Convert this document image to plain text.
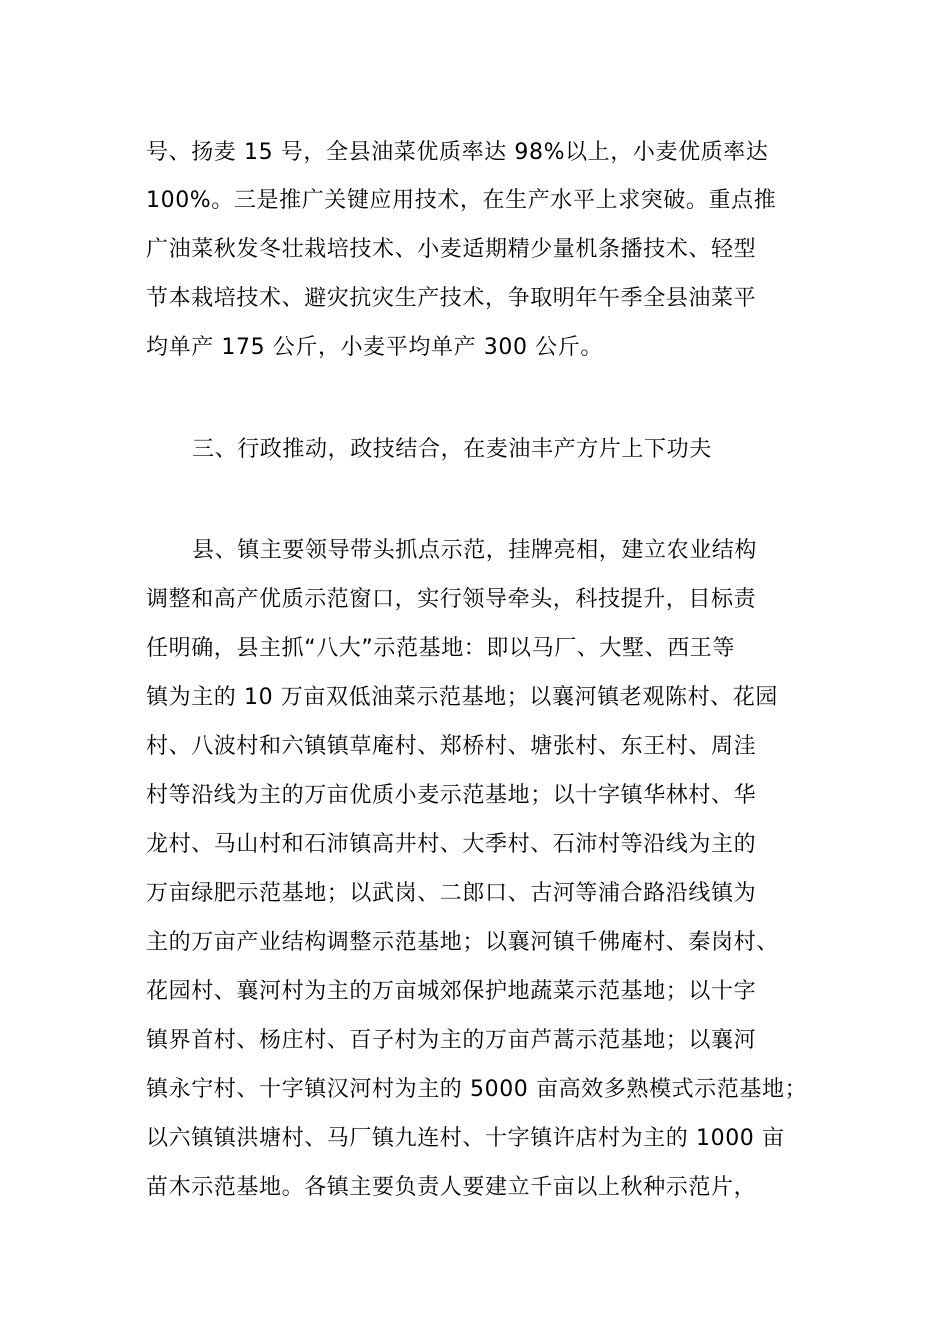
号、扬麦 15 号，全县油菜优质率达 98%以上，小麦优质率达
100%。三是推广关键应用技术，在生产水平上求突破。重点推
广油菜秋发冬壮栽培技术、小麦适期精少量机条播技术、轻型
节本栽培技术、避灾抗灾生产技术，争取明年午季全县油菜平
均单产 175 公斤，小麦平均单产 300 公斤。
三、行政推动，政技结合，在麦油丰产方片上下功夫
县、镇主要领导带头抓点示范，挂牌亮相，建立农业结构
调整和高产优质示范窗口，实行领导牵头，科技提升，目标责
任明确，县主抓“八大”示范基地：即以马厂、大墅、西王等
镇为主的 10 万亩双低油菜示范基地；以襄河镇老观陈村、花园
村、八波村和六镇镇草庵村、郑桥村、塘张村、东王村、周洼
村等沿线为主的万亩优质小麦示范基地；以十字镇华林村、华
龙村、马山村和石沛镇高井村、大季村、石沛村等沿线为主的
万亩绿肥示范基地；以武岗、二郎口、古河等浦合路沿线镇为
主的万亩产业结构调整示范基地；以襄河镇千佛庵村、秦岗村、
花园村、襄河村为主的万亩城郊保护地蔬菜示范基地；以十字
镇界首村、杨庄村、百子村为主的万亩芦蒿示范基地；以襄河
镇永宁村、十字镇汉河村为主的 5000 亩高效多熟模式示范基地；
以六镇镇洪塘村、马厂镇九连村、十字镇许店村为主的 1000 亩
苗木示范基地。各镇主要负责人要建立千亩以上秋种示范片，
